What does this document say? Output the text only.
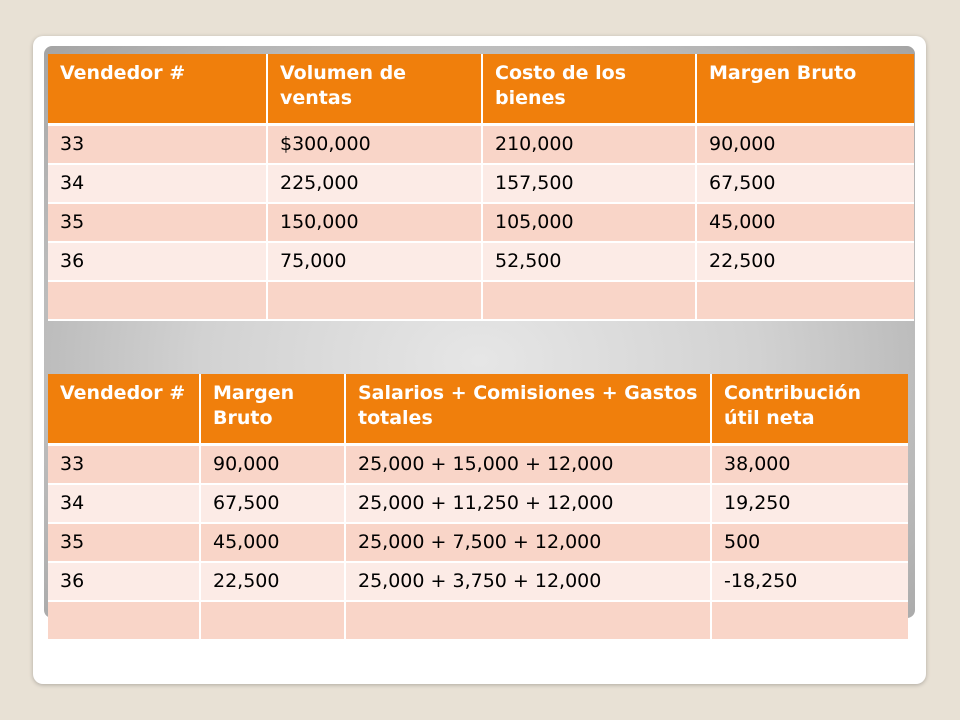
Vendedor #	Volumen de ventas	Costo de los bienes	Margen Bruto
33	$300,000	210,000	90,000
34	225,000	157,500	67,500
35	150,000	105,000	45,000
36	75,000	52,500	22,500

Vendedor #	Margen Bruto	Salarios + Comisiones + Gastos totales	Contribución útil neta
33	90,000	25,000 + 15,000 + 12,000	38,000
34	67,500	25,000 + 11,250 + 12,000	19,250
35	45,000	25,000 + 7,500 + 12,000	500
36	22,500	25,000 + 3,750 + 12,000	-18,250
